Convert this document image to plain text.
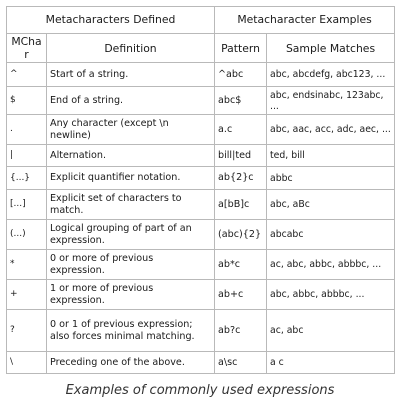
Metacharacters Defined		Metacharacter Examples	
MChar	Definition	Pattern	Sample Matches
^	Start of a string.	^abc	abc, abcdefg, abc123, ...
$	End of a string.	abc$	abc, endsinabc, 123abc, ...
.	Any character (except \n newline)	a.c	abc, aac, acc, adc, aec, ...
|	Alternation.	bill|ted	ted, bill
{...}	Explicit quantifier notation.	ab{2}c	abbc
[...]	Explicit set of characters to match.	a[bB]c	abc, aBc
(...)	Logical grouping of part of an expression.	(abc){2}	abcabc
*	0 or more of previous expression.	ab*c	ac, abc, abbc, abbbc, ...
+	1 or more of previous expression.	ab+c	abc, abbc, abbbc, ...
?	0 or 1 of previous expression; also forces minimal matching.	ab?c	ac, abc
\	Preceding one of the above.	a\sc	a c
Examples of commonly used expressions
